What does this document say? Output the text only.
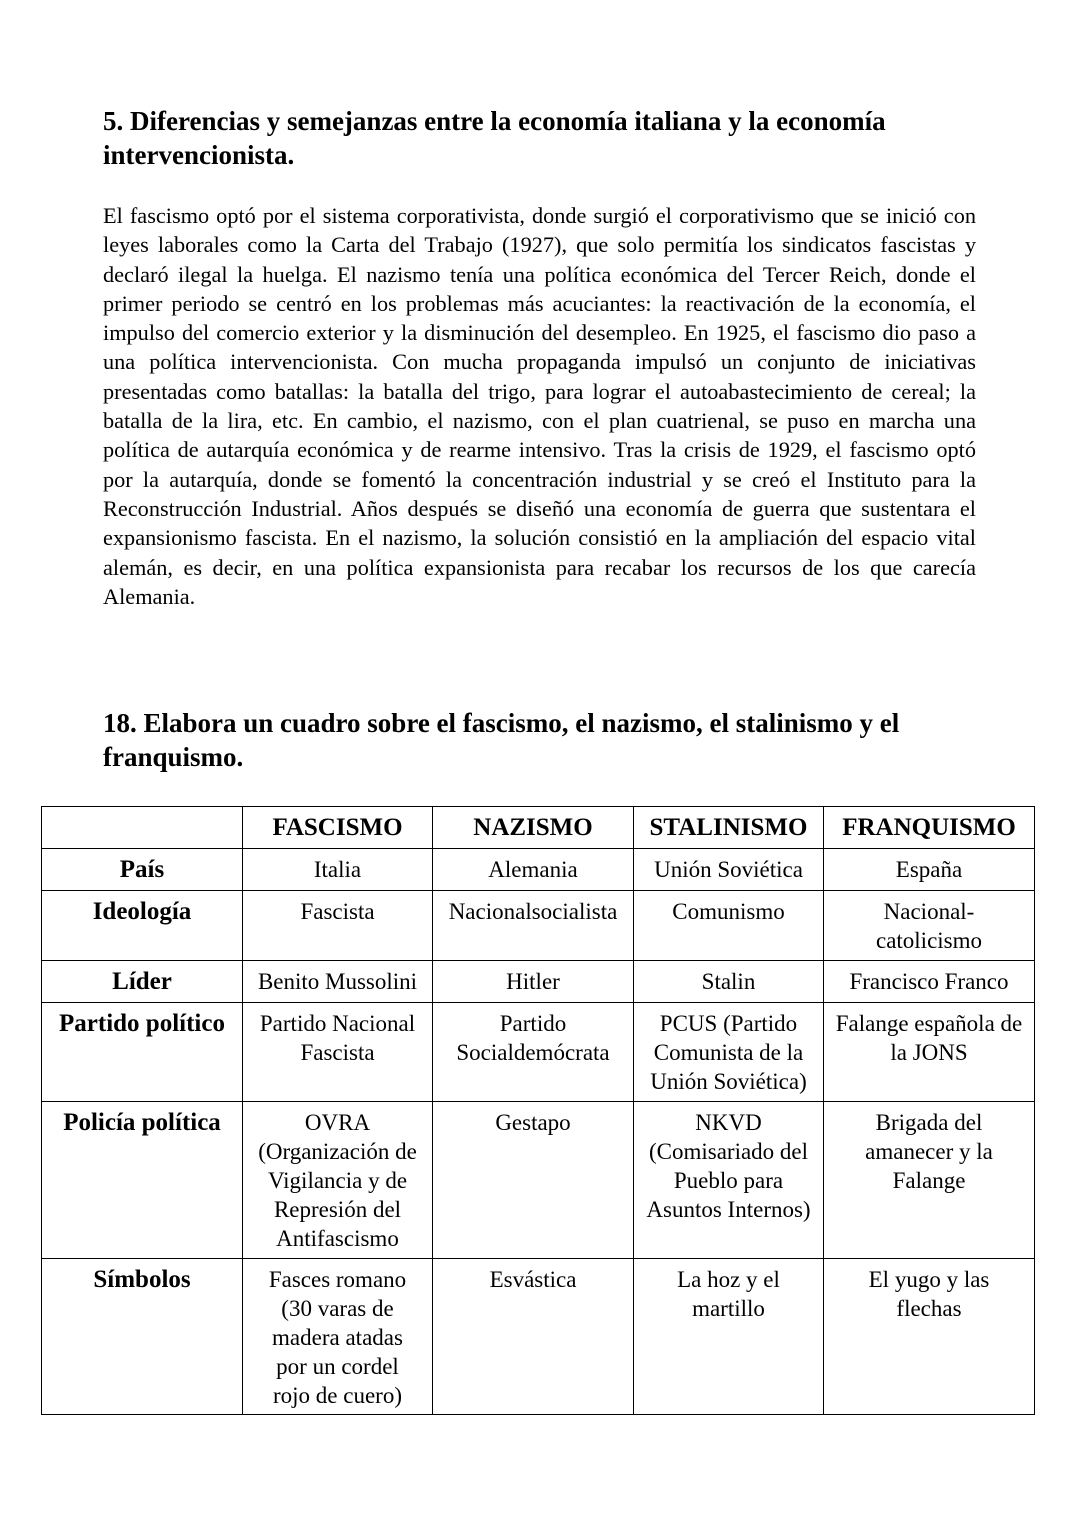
5. Diferencias y semejanzas entre la economía italiana y la economía intervencionista.

El fascismo optó por el sistema corporativista, donde surgió el corporativismo que se inició con leyes laborales como la Carta del Trabajo (1927), que solo permitía los sindicatos fascistas y declaró ilegal la huelga. El nazismo tenía una política económica del Tercer Reich, donde el primer periodo se centró en los problemas más acuciantes: la reactivación de la economía, el impulso del comercio exterior y la disminución del desempleo. En 1925, el fascismo dio paso a una política intervencionista. Con mucha propaganda impulsó un conjunto de iniciativas presentadas como batallas: la batalla del trigo, para lograr el autoabastecimiento de cereal; la batalla de la lira, etc. En cambio, el nazismo, con el plan cuatrienal, se puso en marcha una política de autarquía económica y de rearme intensivo. Tras la crisis de 1929, el fascismo optó por la autarquía, donde se fomentó la concentración industrial y se creó el Instituto para la Reconstrucción Industrial. Años después se diseñó una economía de guerra que sustentara el expansionismo fascista. En el nazismo, la solución consistió en la ampliación del espacio vital alemán, es decir, en una política expansionista para recabar los recursos de los que carecía Alemania.

18. Elabora un cuadro sobre el fascismo, el nazismo, el stalinismo y el franquismo.
	FASCISMO	NAZISMO	STALINISMO	FRANQUISMO
País	Italia	Alemania	Unión Soviética	España
Ideología	Fascista	Nacionalsocialista	Comunismo	Nacional-catolicismo
Líder	Benito Mussolini	Hitler	Stalin	Francisco Franco
Partido político	Partido Nacional Fascista	Partido Socialdemócrata	PCUS (Partido Comunista de la Unión Soviética)	Falange española de la JONS
Policía política	OVRA (Organización de Vigilancia y de Represión del Antifascismo	Gestapo	NKVD (Comisariado del Pueblo para Asuntos Internos)	Brigada del amanecer y la Falange
Símbolos	Fasces romano (30 varas de madera atadas por un cordel rojo de cuero)	Esvástica	La hoz y el martillo	El yugo y las flechas
